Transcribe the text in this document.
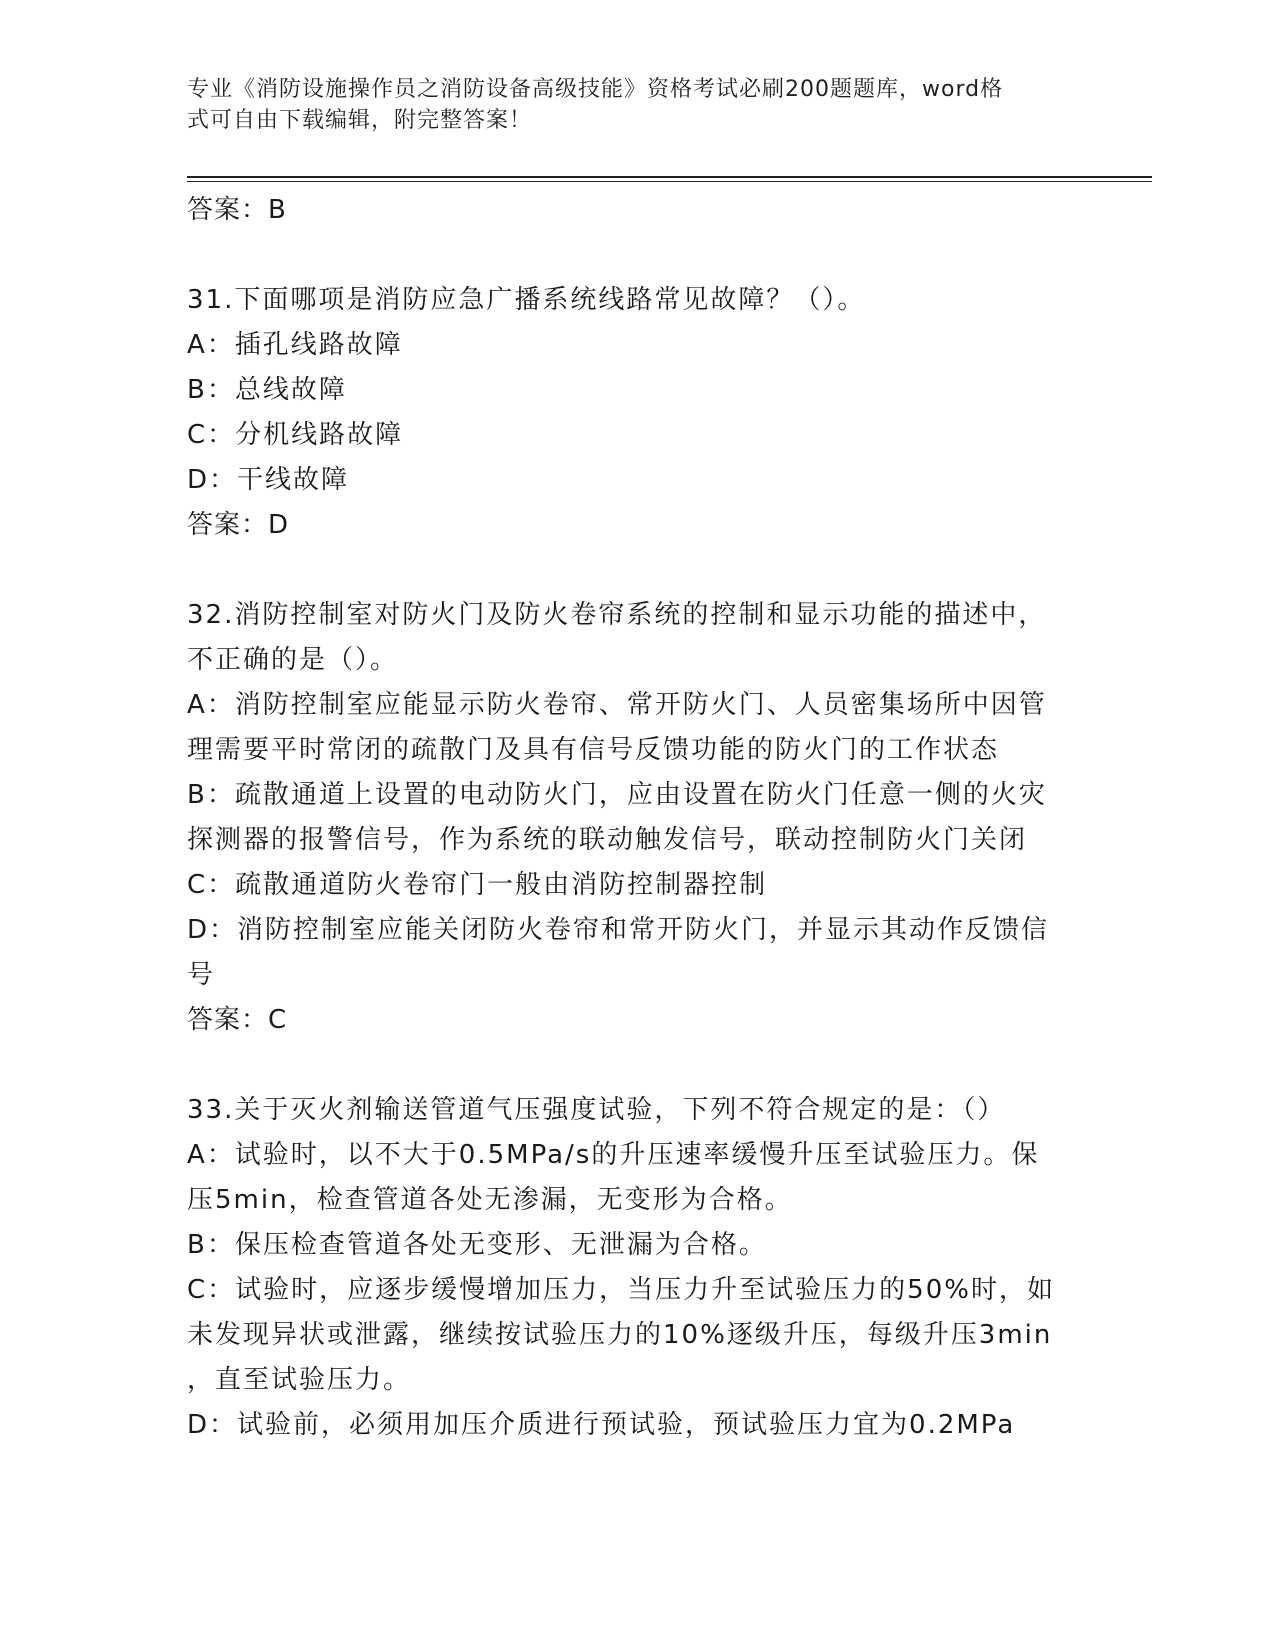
专业《消防设施操作员之消防设备高级技能》资格考试必刷200题题库，word格
式可自由下载编辑，附完整答案！
答案：B
31.下面哪项是消防应急广播系统线路常见故障？（）。
A：插孔线路故障
B：总线故障
C：分机线路故障
D：干线故障
答案：D
32.消防控制室对防火门及防火卷帘系统的控制和显示功能的描述中，
不正确的是（）。
A：消防控制室应能显示防火卷帘、常开防火门、人员密集场所中因管
理需要平时常闭的疏散门及具有信号反馈功能的防火门的工作状态
B：疏散通道上设置的电动防火门，应由设置在防火门任意一侧的火灾
探测器的报警信号，作为系统的联动触发信号，联动控制防火门关闭
C：疏散通道防火卷帘门一般由消防控制器控制
D：消防控制室应能关闭防火卷帘和常开防火门，并显示其动作反馈信
号
答案：C
33.关于灭火剂输送管道气压强度试验，下列不符合规定的是：（）
A：试验时，以不大于0.5MPa/s的升压速率缓慢升压至试验压力。保
压5min，检查管道各处无渗漏，无变形为合格。
B：保压检查管道各处无变形、无泄漏为合格。
C：试验时，应逐步缓慢增加压力，当压力升至试验压力的50%时，如
未发现异状或泄露，继续按试验压力的10%逐级升压，每级升压3min
，直至试验压力。
D：试验前，必须用加压介质进行预试验，预试验压力宜为0.2MPa
